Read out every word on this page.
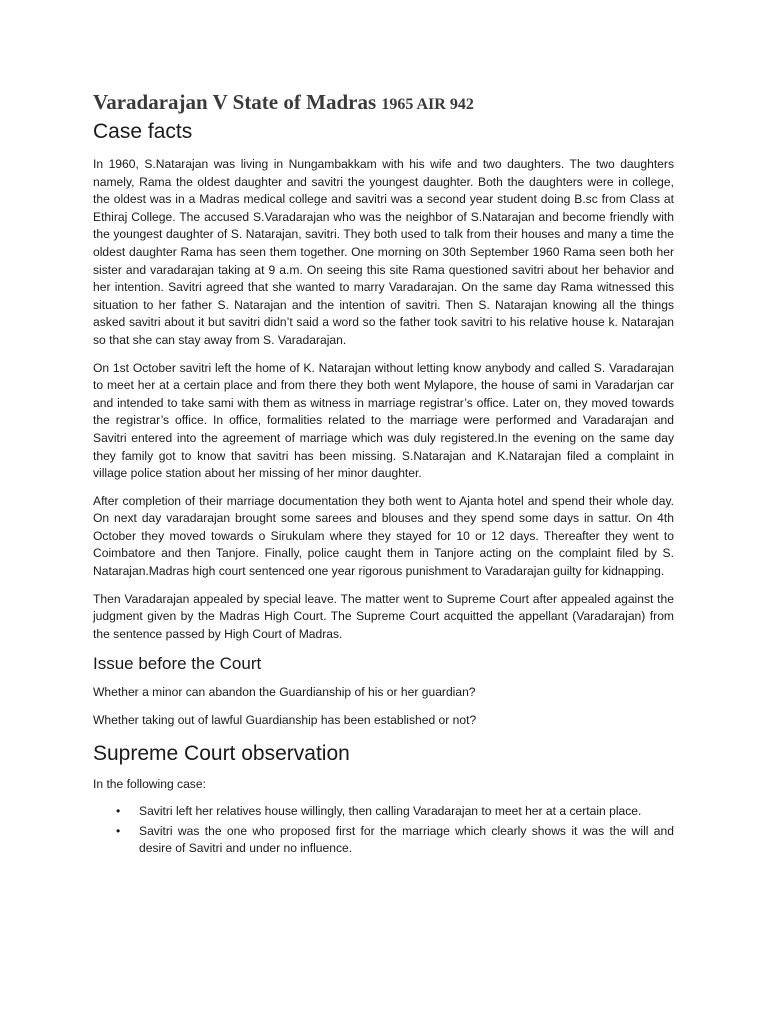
Varadarajan V State of Madras 1965 AIR 942
Case facts

In 1960, S.Natarajan was living in Nungambakkam with his wife and two daughters. The two daughters namely, Rama the oldest daughter and savitri the youngest daughter. Both the daughters were in college, the oldest was in a Madras medical college and savitri was a second year student doing B.sc from Class at Ethiraj College. The accused S.Varadarajan who was the neighbor of S.Natarajan and become friendly with the youngest daughter of S. Natarajan, savitri. They both used to talk from their houses and many a time the oldest daughter Rama has seen them together. One morning on 30th September 1960 Rama seen both her sister and varadarajan taking at 9 a.m. On seeing this site Rama questioned savitri about her behavior and her intention. Savitri agreed that she wanted to marry Varadarajan. On the same day Rama witnessed this situation to her father S. Natarajan and the intention of savitri. Then S. Natarajan knowing all the things asked savitri about it but savitri didn’t said a word so the father took savitri to his relative house k. Natarajan so that she can stay away from S. Varadarajan.

On 1st October savitri left the home of K. Natarajan without letting know anybody and called S. Varadarajan to meet her at a certain place and from there they both went Mylapore, the house of sami in Varadarjan car and intended to take sami with them as witness in marriage registrar’s office. Later on, they moved towards the registrar’s office. In office, formalities related to the marriage were performed and Varadarajan and Savitri entered into the agreement of marriage which was duly registered.In the evening on the same day they family got to know that savitri has been missing. S.Natarajan and K.Natarajan filed a complaint in village police station about her missing of her minor daughter.

After completion of their marriage documentation they both went to Ajanta hotel and spend their whole day. On next day varadarajan brought some sarees and blouses and they spend some days in sattur. On 4th October they moved towards o Sirukulam where they stayed for 10 or 12 days. Thereafter they went to Coimbatore and then Tanjore. Finally, police caught them in Tanjore acting on the complaint filed by S. Natarajan.Madras high court sentenced one year rigorous punishment to Varadarajan guilty for kidnapping.

Then Varadarajan appealed by special leave. The matter went to Supreme Court after appealed against the judgment given by the Madras High Court. The Supreme Court acquitted the appellant (Varadarajan) from the sentence passed by High Court of Madras.

Issue before the Court

Whether a minor can abandon the Guardianship of his or her guardian?

Whether taking out of lawful Guardianship has been established or not?

Supreme Court observation

In the following case:

• Savitri left her relatives house willingly, then calling Varadarajan to meet her at a certain place.
• Savitri was the one who proposed first for the marriage which clearly shows it was the will and desire of Savitri and under no influence.
